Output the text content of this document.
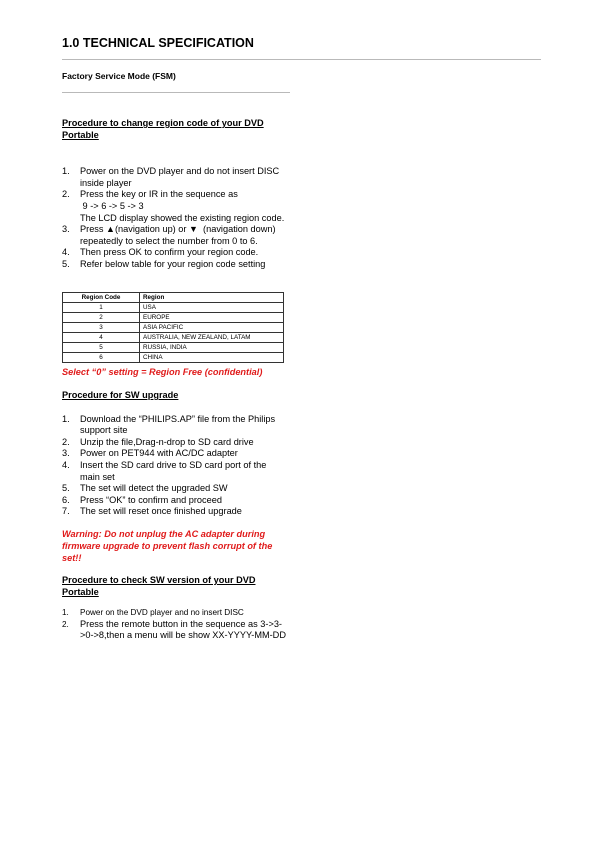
1.0 TECHNICAL SPECIFICATION
Factory Service Mode (FSM)
Procedure to change region code of your DVD Portable
1. Power on the DVD player and do not insert DISC inside player
2. Press the key or IR in the sequence as
9 -> 6 -> 5 -> 3
The LCD display showed the existing region code.
3. Press ▲(navigation up) or ▼  (navigation down) repeatedly to select the number from 0 to 6.
4. Then press OK to confirm your region code.
5. Refer below table for your region code setting
Region Code	Region
1	USA
2	EUROPE
3	ASIA PACIFIC
4	AUSTRALIA, NEW ZEALAND, LATAM
5	RUSSIA, INDIA
6	CHINA
Select “0” setting = Region Free (confidential)
Procedure for SW upgrade
1. Download the “PHILIPS.AP” file from the Philips support site
2. Unzip the file,Drag-n-drop to SD card drive
3. Power on PET944 with AC/DC adapter
4. Insert the SD card drive to SD card port of the main set
5. The set will detect the upgraded SW
6. Press “OK” to confirm and proceed
7. The set will reset once finished upgrade
Warning: Do not unplug the AC adapter during firmware upgrade to prevent flash corrupt of the set!!
Procedure to check SW version of your DVD Portable
1. Power on the DVD player and no insert DISC
2. Press the remote button in the sequence as 3->3->0->8,then a menu will be show XX-YYYY-MM-DD
